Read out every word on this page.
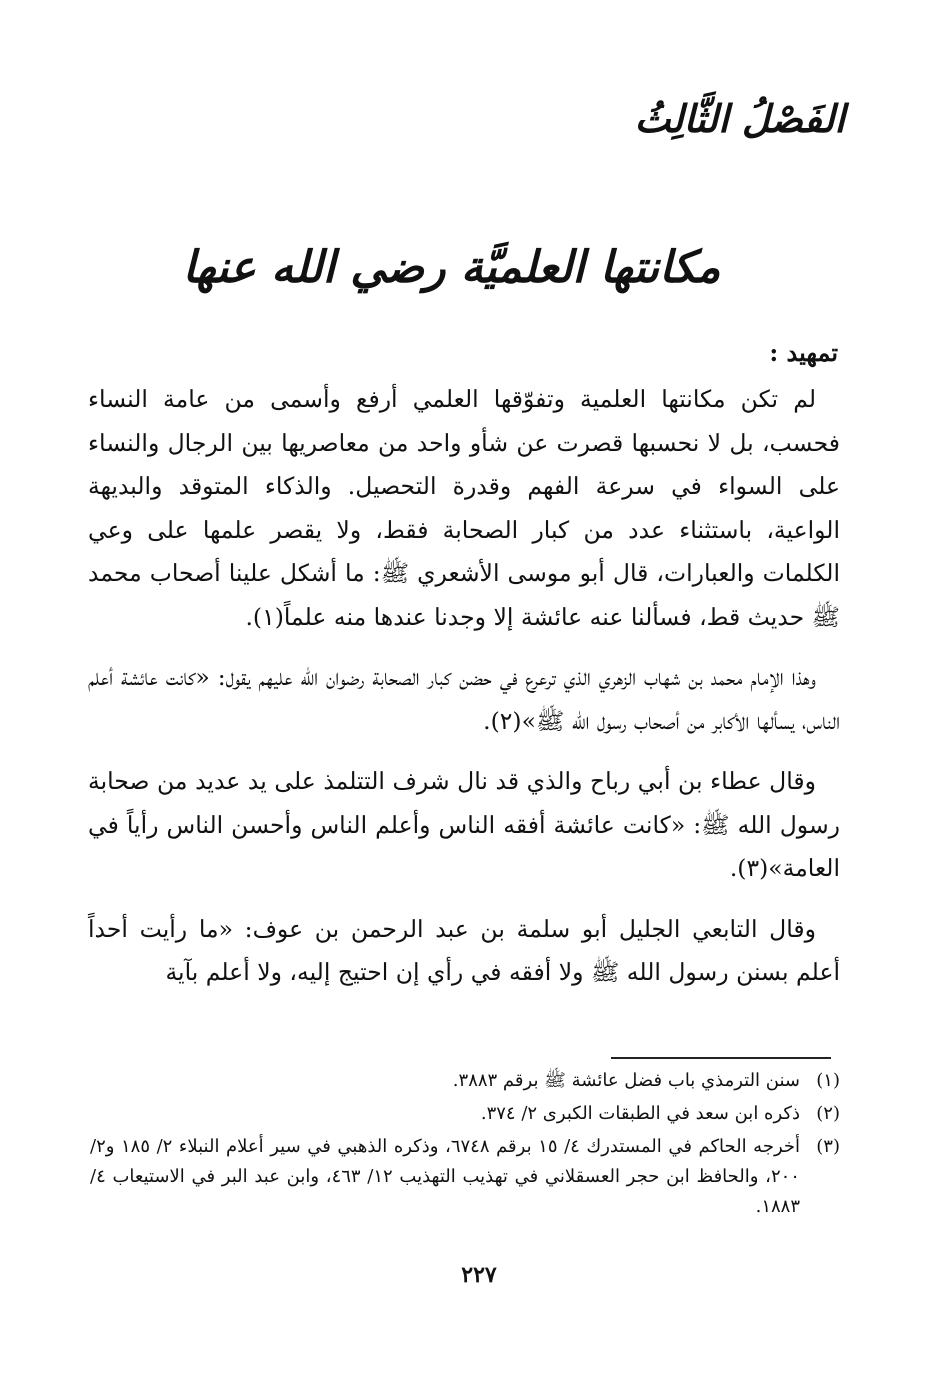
الفَصْلُ الثَّالِثُ
مكانتها العلميَّة رضي الله عنها
تمهيد :

لم تكن مكانتها العلمية وتفوّقها العلمي أرفع وأسمى من عامة النساء فحسب، بل لا نحسبها قصرت عن شأو واحد من معاصريها بين الرجال والنساء على السواء في سرعة الفهم وقدرة التحصيل. والذكاء المتوقد والبديهة الواعية، باستثناء عدد من كبار الصحابة فقط، ولا يقصر علمها على وعي الكلمات والعبارات، قال أبو موسى الأشعري ﷺ: ما أشكل علينا أصحاب محمد ﷺ حديث قط، فسألنا عنه عائشة إلا وجدنا عندها منه علماً(١).

وهذا الإمام محمد بن شهاب الزهري الذي ترعرع في حضن كبار الصحابة رضوان الله عليهم يقول: «كانت عائشة أعلم الناس، يسألها الأكابر من أصحاب رسول الله ﷺ»(٢).

وقال عطاء بن أبي رباح والذي قد نال شرف التتلمذ على يد عديد من صحابة رسول الله ﷺ: «كانت عائشة أفقه الناس وأعلم الناس وأحسن الناس رأياً في العامة»(٣).

وقال التابعي الجليل أبو سلمة بن عبد الرحمن بن عوف: «ما رأيت أحداً أعلم بسنن رسول الله ﷺ ولا أفقه في رأي إن احتيج إليه، ولا أعلم بآية

(١)
سنن الترمذي باب فضل عائشة ﷺ برقم ٣٨٨٣.
(٢)
ذكره ابن سعد في الطبقات الكبرى ٢/ ٣٧٤.
(٣)
أخرجه الحاكم في المستدرك ٤/ ١٥ برقم ٦٧٤٨، وذكره الذهبي في سير أعلام النبلاء ٢/ ١٨٥ و٢/ ٢٠٠، والحافظ ابن حجر العسقلاني في تهذيب التهذيب ١٢/ ٤٦٣، وابن عبد البر في الاستيعاب ٤/ ١٨٨٣.
٢٢٧
